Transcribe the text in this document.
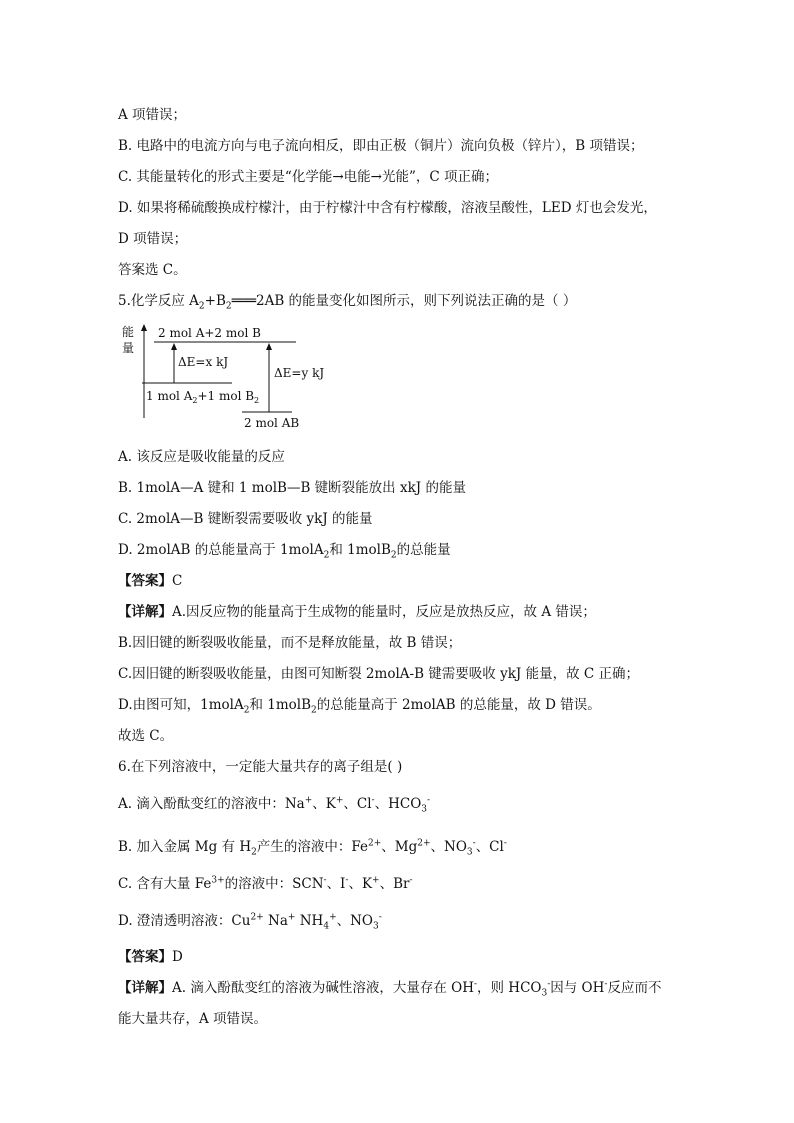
A 项错误；
B. 电路中的电流方向与电子流向相反，即由正极（铜片）流向负极（锌片），B 项错误；
C. 其能量转化的形式主要是“化学能→电能→光能”，C 项正确；
D. 如果将稀硫酸换成柠檬汁，由于柠檬汁中含有柠檬酸，溶液呈酸性，LED 灯也会发光，
D 项错误；
答案选 C。
5.化学反应 $A_2+B_2═══2AB$ 的能量变化如图所示，则下列说法正确的是（ ）
能
量
2 mol A+2 mol B
1 mol $A_2+1$ mol $B_2$
2 mol AB
ΔE=x kJ
ΔE=y kJ
A. 该反应是吸收能量的反应
B. 1molA—A 键和 1 molB—B 键断裂能放出 xkJ 的能量
C. 2molA—B 键断裂需要吸收 ykJ 的能量
D. 2molAB 的总能量高于 1molA$_2$和 1molB$_2$的总能量
【答案】C
【详解】A.因反应物的能量高于生成物的能量时，反应是放热反应，故 A 错误；
B.因旧键的断裂吸收能量，而不是释放能量，故 B 错误；
C.因旧键的断裂吸收能量，由图可知断裂 2molA-B 键需要吸收 ykJ 能量，故 C 正确；
D.由图可知，1molA$_2$和 1molB$_2$的总能量高于 2molAB 的总能量，故 D 错误。
故选 C。
6.在下列溶液中，一定能大量共存的离子组是( )
A. 滴入酚酞变红的溶液中：Na+、K+、Cl-、$HCO_3^-$
B. 加入金属 Mg 有 $H_2$产生的溶液中：$Fe^{2+}$、$Mg^{2+}$、$NO_3^-$、Cl-
C. 含有大量 $Fe^{3+}$的溶液中：SCN-、I-、K+、Br-
D. 澄清透明溶液：$Cu^{2+}$ Na+ $NH_4^+$、$NO_3^-$
【答案】D
【详解】A. 滴入酚酞变红的溶液为碱性溶液，大量存在 OH-，则 $HCO_3^-$因与 OH-反应而不
能大量共存，A 项错误。
